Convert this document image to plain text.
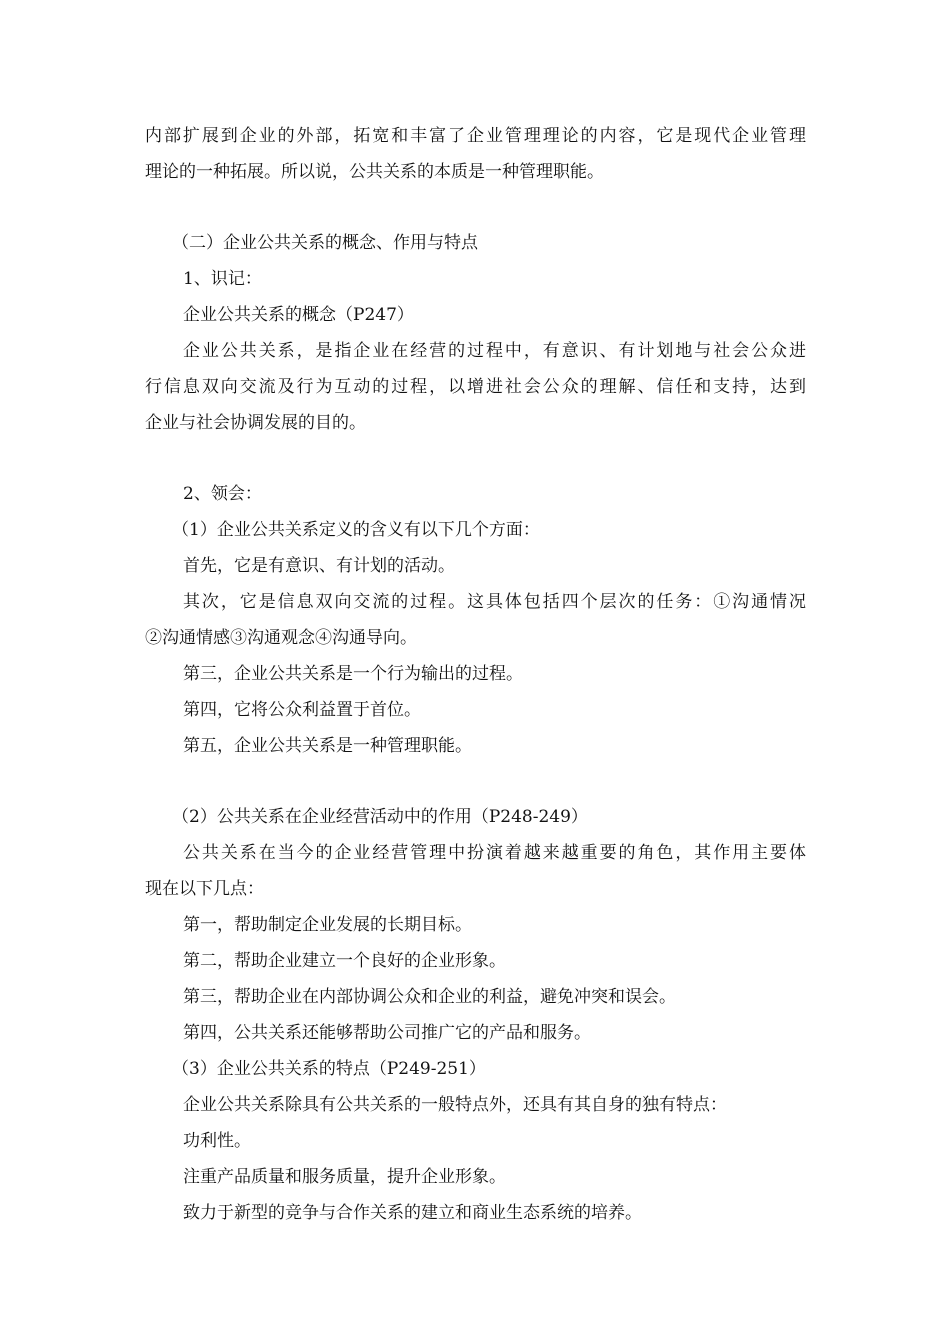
内部扩展到企业的外部，拓宽和丰富了企业管理理论的内容，它是现代企业管理
理论的一种拓展。所以说，公共关系的本质是一种管理职能。
（二）企业公共关系的概念、作用与特点
1、识记：
企业公共关系的概念（P247）
企业公共关系，是指企业在经营的过程中，有意识、有计划地与社会公众进
行信息双向交流及行为互动的过程，以增进社会公众的理解、信任和支持，达到
企业与社会协调发展的目的。
2、领会：
（1）企业公共关系定义的含义有以下几个方面：
首先，它是有意识、有计划的活动。
其次，它是信息双向交流的过程。这具体包括四个层次的任务：①沟通情况
②沟通情感③沟通观念④沟通导向。
第三，企业公共关系是一个行为输出的过程。
第四，它将公众利益置于首位。
第五，企业公共关系是一种管理职能。
（2）公共关系在企业经营活动中的作用（P248-249）
公共关系在当今的企业经营管理中扮演着越来越重要的角色，其作用主要体
现在以下几点：
第一，帮助制定企业发展的长期目标。
第二，帮助企业建立一个良好的企业形象。
第三，帮助企业在内部协调公众和企业的利益，避免冲突和误会。
第四，公共关系还能够帮助公司推广它的产品和服务。
（3）企业公共关系的特点（P249-251）
企业公共关系除具有公共关系的一般特点外，还具有其自身的独有特点：
功利性。
注重产品质量和服务质量，提升企业形象。
致力于新型的竞争与合作关系的建立和商业生态系统的培养。
